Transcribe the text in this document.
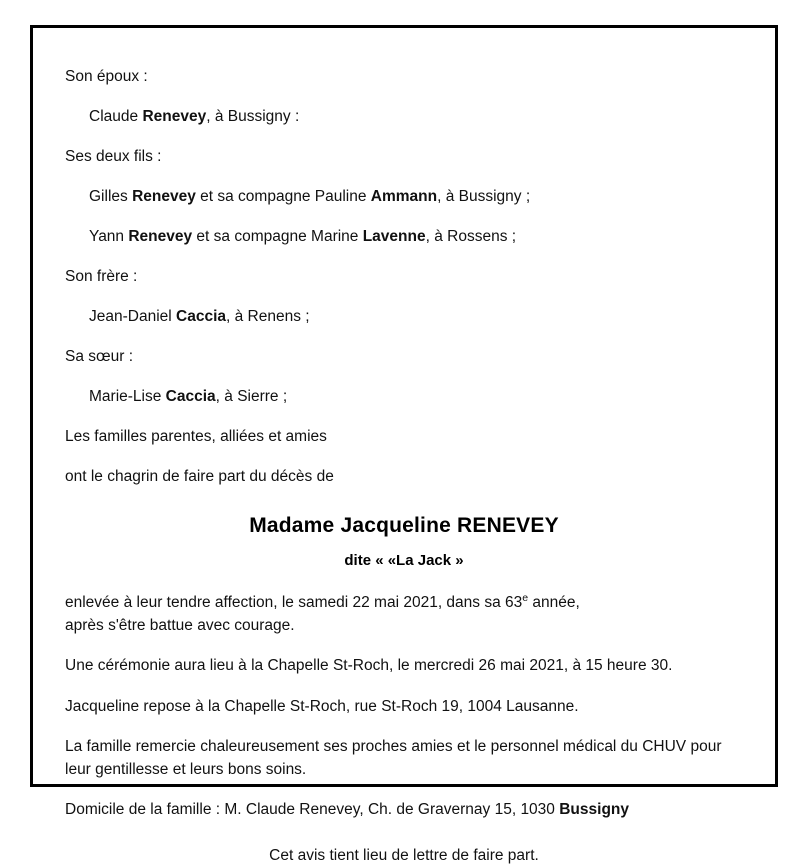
Son époux :

Claude Renevey, à Bussigny :

Ses deux fils :

Gilles Renevey et sa compagne Pauline Ammann, à Bussigny ;

Yann Renevey et sa compagne Marine Lavenne, à Rossens ;

Son frère :

Jean-Daniel Caccia, à Renens ;

Sa sœur :

Marie-Lise Caccia, à Sierre ;

Les familles parentes, alliées et amies

ont le chagrin de faire part du décès de

Madame Jacqueline RENEVEY

dite « «La Jack »

enlevée à leur tendre affection, le samedi 22 mai 2021, dans sa 63e année,
après s'être battue avec courage.

Une cérémonie aura lieu à la Chapelle St-Roch, le mercredi 26 mai 2021, à 15 heure 30.

Jacqueline repose à la Chapelle St-Roch, rue St-Roch 19, 1004 Lausanne.

La famille remercie chaleureusement ses proches amies et le personnel médical du CHUV pour leur gentillesse et leurs bons soins.

Domicile de la famille : M. Claude Renevey, Ch. de Gravernay 15, 1030 Bussigny

Cet avis tient lieu de lettre de faire part.
